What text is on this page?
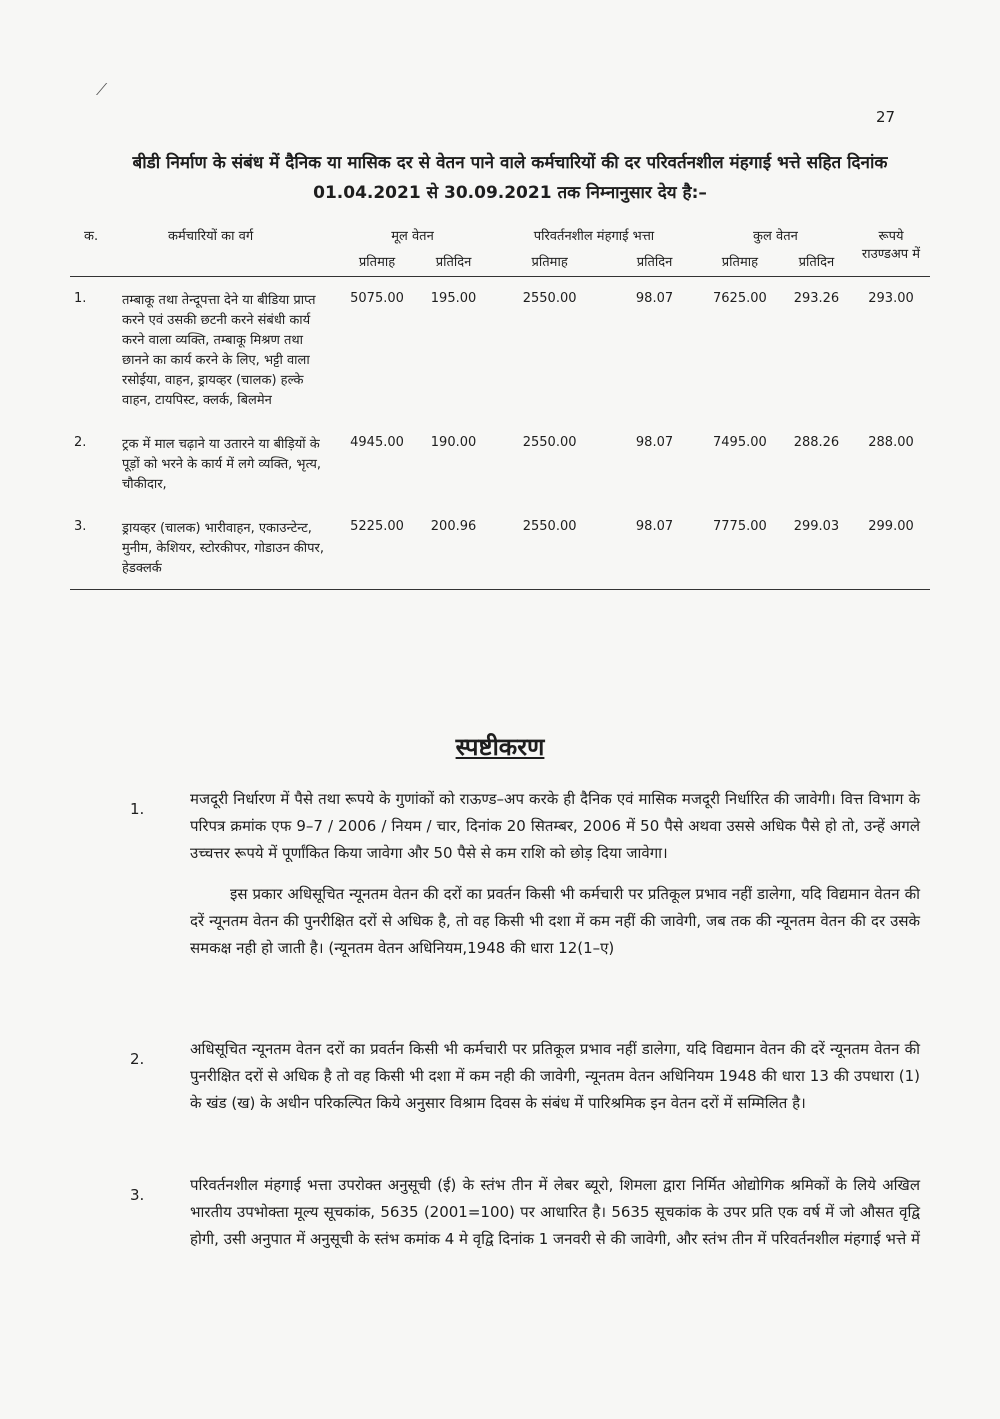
⟋
27
बीडी निर्माण के संबंध में दैनिक या मासिक दर से वेतन पाने वाले कर्मचारियों की दर परिवर्तनशील मंहगाई भत्ते सहित दिनांक 01.04.2021 से 30.09.2021 तक निम्नानुसार देय है:–
क.	कर्मचारियों का वर्ग	मूल वेतन		परिवर्तनशील मंहगाई भत्ता		कुल वेतन		रूपये राउण्डअप में
		प्रतिमाह	प्रतिदिन	प्रतिमाह	प्रतिदिन	प्रतिमाह	प्रतिदिन	
1.	तम्बाकू तथा तेन्दूपत्ता देने या बीडिया प्राप्त करने एवं उसकी छटनी करने संबंधी कार्य करने वाला व्यक्ति, तम्बाकू मिश्रण तथा छानने का कार्य करने के लिए, भट्टी वाला रसोईया, वाहन, ड्रायव्हर (चालक) हल्के वाहन, टायपिस्ट, क्लर्क, बिलमेन	5075.00	195.00	2550.00	98.07	7625.00	293.26	293.00
2.	ट्रक में माल चढ़ाने या उतारने या बीड़ियों के पूड़ों को भरने के कार्य में लगे व्यक्ति, भृत्य, चौकीदार,	4945.00	190.00	2550.00	98.07	7495.00	288.26	288.00
3.	ड्रायव्हर (चालक) भारीवाहन, एकाउन्टेन्ट, मुनीम, केशियर, स्टोरकीपर, गोडाउन कीपर, हेडक्लर्क	5225.00	200.96	2550.00	98.07	7775.00	299.03	299.00
स्पष्टीकरण
1.

मजदूरी निर्धारण में पैसे तथा रूपये के गुणांकों को राऊण्ड–अप करके ही दैनिक एवं मासिक मजदूरी निर्धारित की जावेगी। वित्त विभाग के परिपत्र क्रमांक एफ 9–7 / 2006 / नियम / चार, दिनांक 20 सितम्बर, 2006 में 50 पैसे अथवा उससे अधिक पैसे हो तो, उन्हें अगले उच्चत्तर रूपये में पूर्णांकित किया जावेगा और 50 पैसे से कम राशि को छोड़ दिया जावेगा।

इस प्रकार अधिसूचित न्यूनतम वेतन की दरों का प्रवर्तन किसी भी कर्मचारी पर प्रतिकूल प्रभाव नहीं डालेगा, यदि विद्यमान वेतन की दरें न्यूनतम वेतन की पुनरीक्षित दरों से अधिक है, तो वह किसी भी दशा में कम नहीं की जावेगी, जब तक की न्यूनतम वेतन की दर उसके समकक्ष नही हो जाती है। (न्यूनतम वेतन अधिनियम,1948 की धारा 12(1–ए)

2.

अधिसूचित न्यूनतम वेतन दरों का प्रवर्तन किसी भी कर्मचारी पर प्रतिकूल प्रभाव नहीं डालेगा, यदि विद्यमान वेतन की दरें न्यूनतम वेतन की पुनरीक्षित दरों से अधिक है तो वह किसी भी दशा में कम नही की जावेगी, न्यूनतम वेतन अधिनियम 1948 की धारा 13 की उपधारा (1) के खंड (ख) के अधीन परिकल्पित किये अनुसार विश्राम दिवस के संबंध में पारिश्रमिक इन वेतन दरों में सम्मिलित है।

3.

परिवर्तनशील मंहगाई भत्ता उपरोक्त अनुसूची (ई) के स्तंभ तीन में लेबर ब्यूरो, शिमला द्वारा निर्मित ओद्योगिक श्रमिकों के लिये अखिल भारतीय उपभोक्ता मूल्य सूचकांक, 5635 (2001=100) पर आधारित है। 5635 सूचकांक के उपर प्रति एक वर्ष में जो औसत वृद्वि होगी, उसी अनुपात में अनुसूची के स्तंभ कमांक 4 मे वृद्वि दिनांक 1 जनवरी से की जावेगी, और स्तंभ तीन में परिवर्तनशील मंहगाई भत्ते में
